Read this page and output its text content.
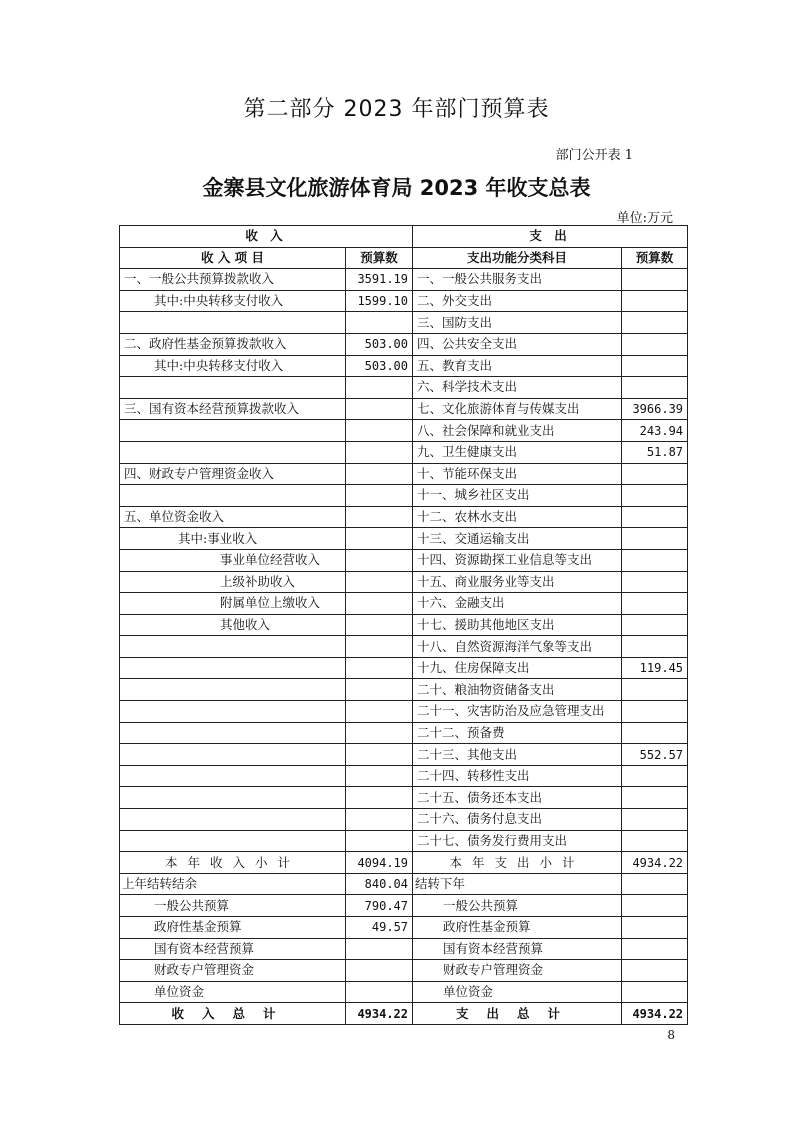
第二部分 2023 年部门预算表
部门公开表 1
金寨县文化旅游体育局 2023 年收支总表
单位:万元
收 入		支 出	
收 入 项 目	预算数	支出功能分类科目	预算数
一、一般公共预算拨款收入	3591.19	一、一般公共服务支出	
其中:中央转移支付收入	1599.10	二、外交支出	
		三、国防支出	
二、政府性基金预算拨款收入	503.00	四、公共安全支出	
其中:中央转移支付收入	503.00	五、教育支出	
		六、科学技术支出	
三、国有资本经营预算拨款收入		七、文化旅游体育与传媒支出	3966.39
		八、社会保障和就业支出	243.94
		九、卫生健康支出	51.87
四、财政专户管理资金收入		十、节能环保支出	
		十一、城乡社区支出	
五、单位资金收入		十二、农林水支出	
其中:事业收入		十三、交通运输支出	
事业单位经营收入		十四、资源勘探工业信息等支出	
上级补助收入		十五、商业服务业等支出	
附属单位上缴收入		十六、金融支出	
其他收入		十七、援助其他地区支出	
		十八、自然资源海洋气象等支出	
		十九、住房保障支出	119.45
		二十、粮油物资储备支出	
		二十一、灾害防治及应急管理支出	
		二十二、预备费	
		二十三、其他支出	552.57
		二十四、转移性支出	
		二十五、债务还本支出	
		二十六、债务付息支出	
		二十七、债务发行费用支出	
本年收入小计	4094.19	本年支出小计	4934.22
上年结转结余	840.04	结转下年	
一般公共预算	790.47	一般公共预算	
政府性基金预算	49.57	政府性基金预算	
国有资本经营预算		国有资本经营预算	
财政专户管理资金		财政专户管理资金	
单位资金		单位资金	
收入总计	4934.22	支出总计	4934.22
8
